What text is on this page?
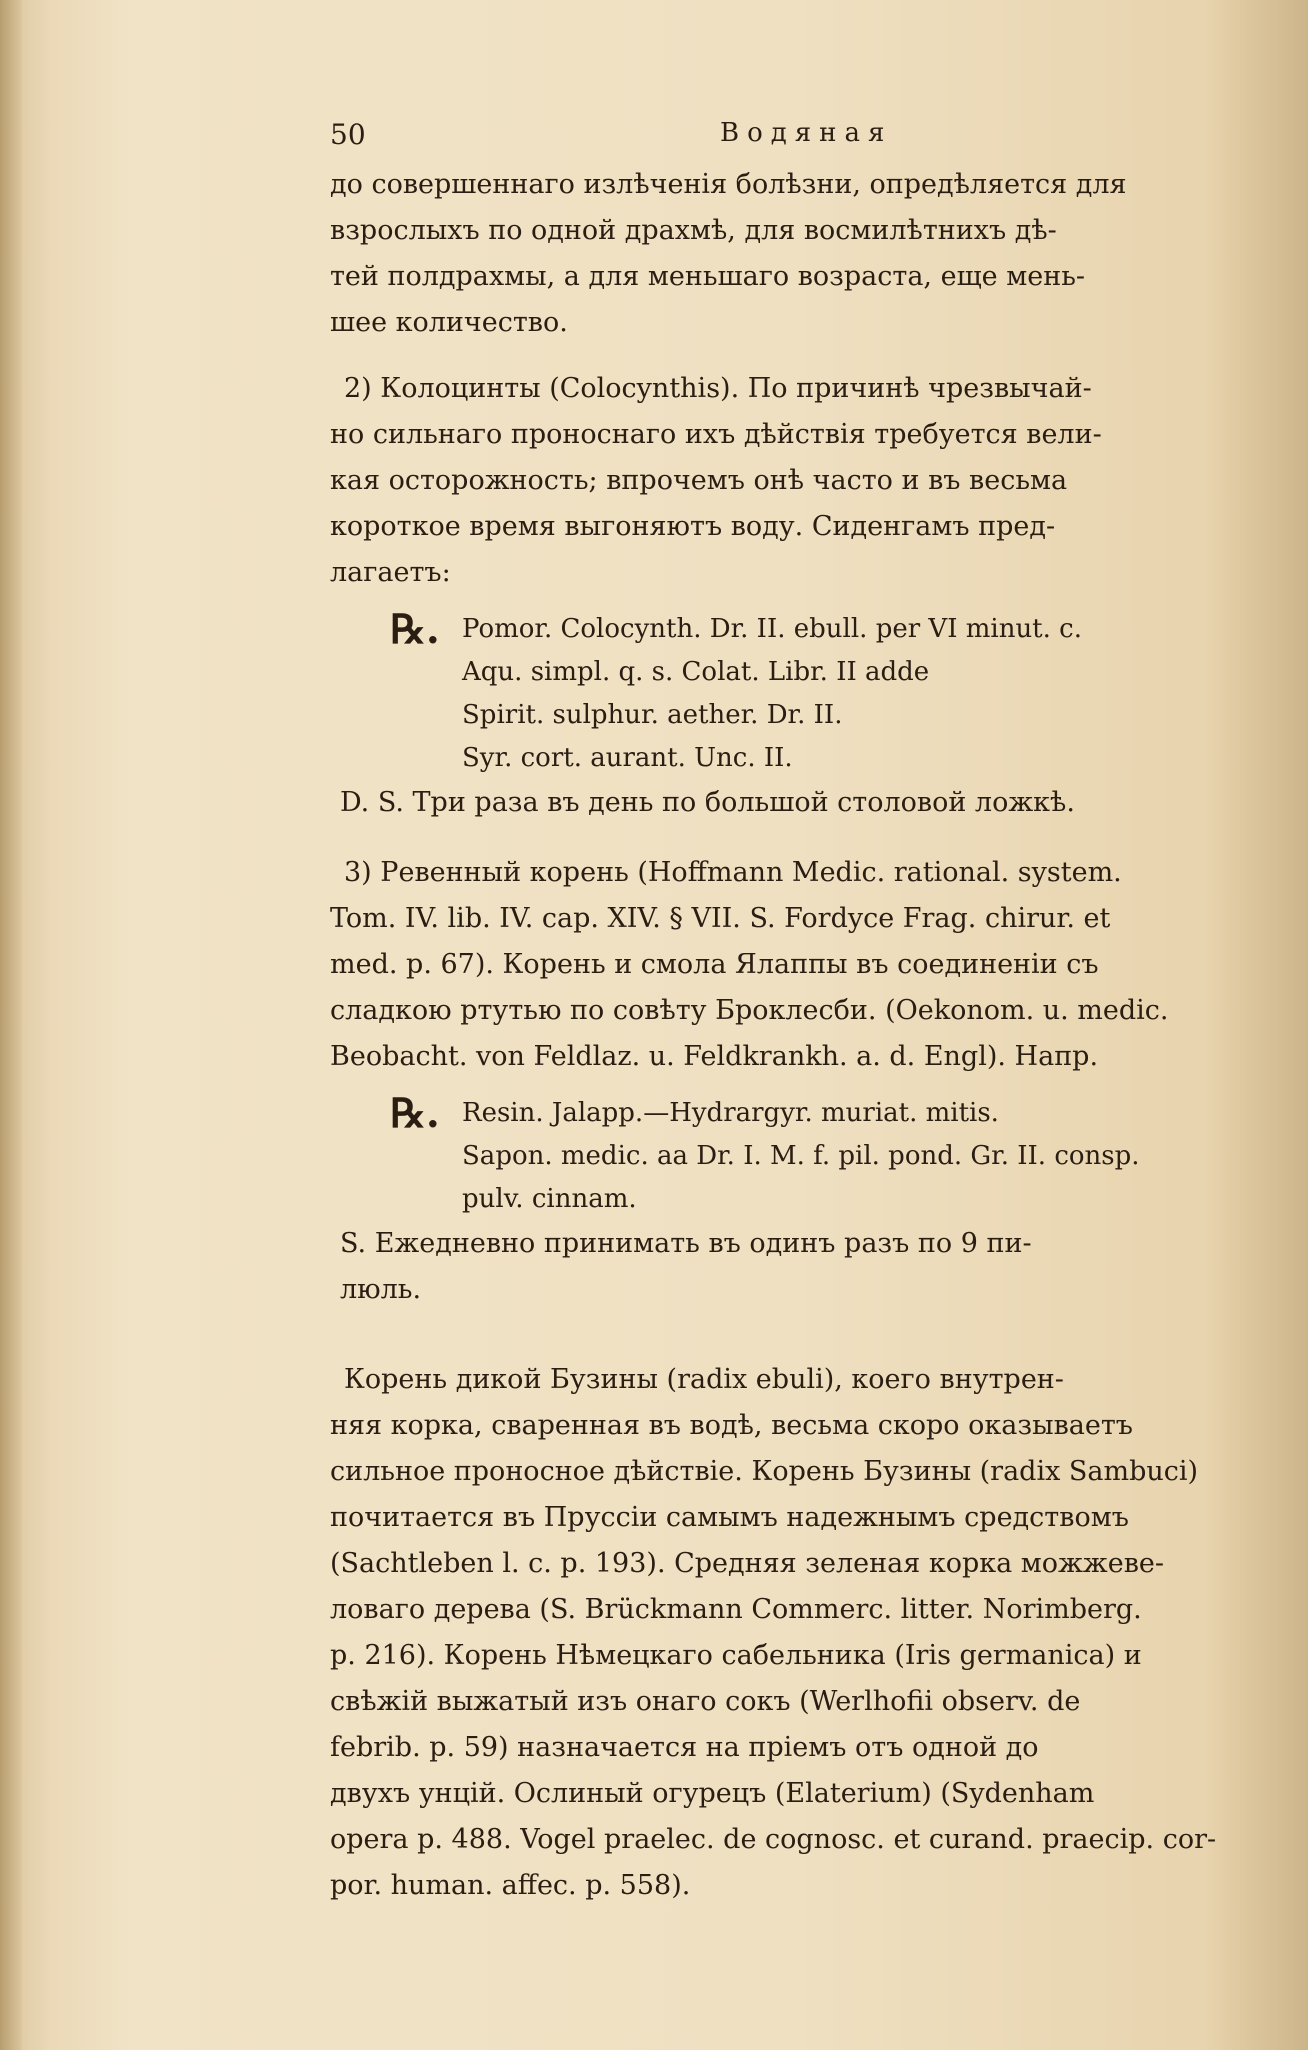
50	Водяная

до совершеннаго излѣченія болѣзни, опредѣляется для

взрослыхъ по одной драхмѣ, для восмилѣтнихъ дѣ-

тей полдрахмы, а для меньшаго возраста, еще мень-

шее количество.

2) Колоцинты (Colocynthis). По причинѣ чрезвычай-

но сильнаго проноснаго ихъ дѣйствія требуется вели-

кая осторожность; впрочемъ онѣ часто и въ весьма

короткое время выгоняютъ воду. Сиденгамъ пред-

лагаетъ:

℞. Pomor. Colocynth. Dr. II. ebull. per VI minut. c.
Aqu. simpl. q. s. Colat. Libr. II adde
Spirit. sulphur. aether. Dr. II.
Syr. cort. aurant. Unc. II.

D. S. Три раза въ день по большой столовой ложкѣ.

3) Ревенный корень (Hoffmann Medic. rational. system.

Tom. IV. lib. IV. cap. XIV. § VII. S. Fordyce Frag. chirur. et

med. p. 67). Корень и смола Ялаппы въ соединеніи съ

сладкою ртутью по совѣту Броклесби. (Oekonom. u. medic.

Beobacht. von Feldlaz. u. Feldkrankh. a. d. Engl). Напр.

℞. Resin. Jalapp.—Hydrargyr. muriat. mitis.
Sapon. medic. aa Dr. I. M. f. pil. pond. Gr. II. consp.
pulv. cinnam.

S. Ежедневно принимать въ одинъ разъ по 9 пи-

люль.

Корень дикой Бузины (radix ebuli), коего внутрен-

няя корка, сваренная въ водѣ, весьма скоро оказываетъ

сильное проносное дѣйствіе. Корень Бузины (radix Sambuci)

почитается въ Пруссіи самымъ надежнымъ средствомъ

(Sachtleben l. c. p. 193). Средняя зеленая корка можжеве-

ловаго дерева (S. Brückmann Commerc. litter. Norimberg.

p. 216). Корень Нѣмецкаго сабельника (Iris germanica) и

свѣжій выжатый изъ онаго сокъ (Werlhofii observ. de

febrib. p. 59) назначается на пріемъ отъ одной до

двухъ унцій. Ослиный огурецъ (Elaterium) (Sydenham

opera p. 488. Vogel praelec. de cognosc. et curand. praecip. cor-

por. human. affec. p. 558).
